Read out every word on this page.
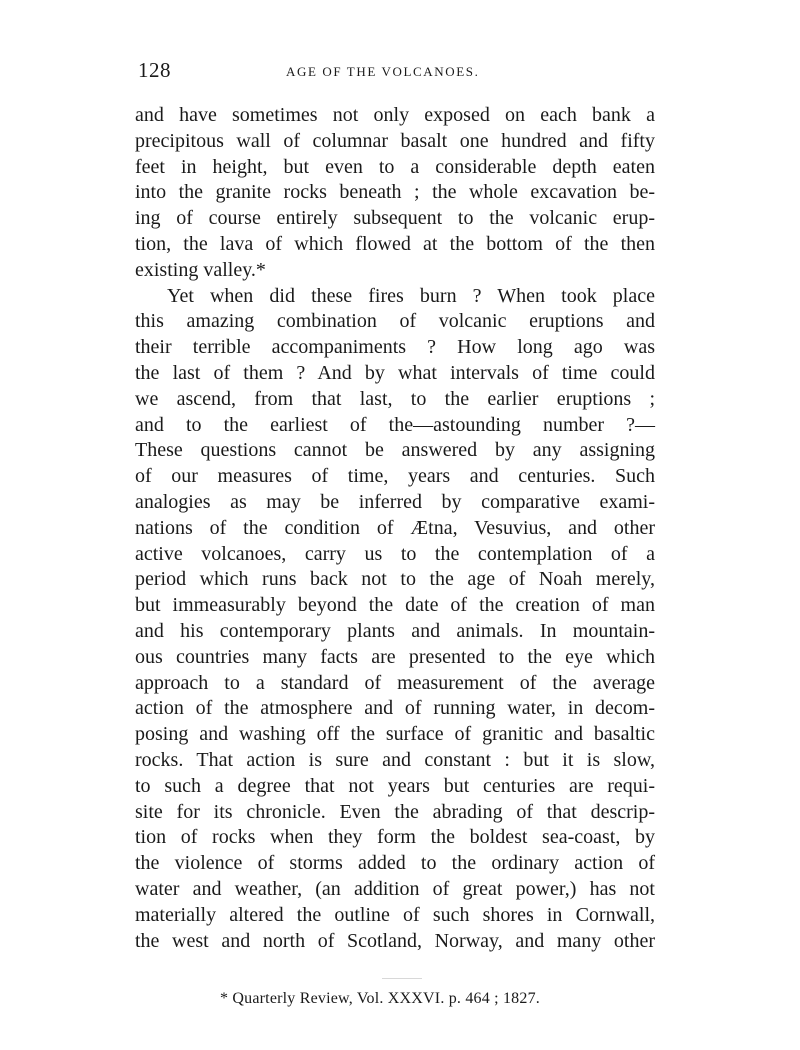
128	AGE OF THE VOLCANOES.
and have sometimes not only exposed on each bank a
precipitous wall of columnar basalt one hundred and fifty
feet in height, but even to a considerable depth eaten
into the granite rocks beneath ; the whole excavation be-
ing of course entirely subsequent to the volcanic erup-
tion, the lava of which flowed at the bottom of the then
existing valley.*
Yet when did these fires burn ? When took place
this amazing combination of volcanic eruptions and
their terrible accompaniments ? How long ago was
the last of them ? And by what intervals of time could
we ascend, from that last, to the earlier eruptions ;
and to the earliest of the—astounding number ?—
These questions cannot be answered by any assigning
of our measures of time, years and centuries. Such
analogies as may be inferred by comparative exami-
nations of the condition of Ætna, Vesuvius, and other
active volcanoes, carry us to the contemplation of a
period which runs back not to the age of Noah merely,
but immeasurably beyond the date of the creation of man
and his contemporary plants and animals. In mountain-
ous countries many facts are presented to the eye which
approach to a standard of measurement of the average
action of the atmosphere and of running water, in decom-
posing and washing off the surface of granitic and basaltic
rocks. That action is sure and constant : but it is slow,
to such a degree that not years but centuries are requi-
site for its chronicle. Even the abrading of that descrip-
tion of rocks when they form the boldest sea-coast, by
the violence of storms added to the ordinary action of
water and weather, (an addition of great power,) has not
materially altered the outline of such shores in Cornwall,
the west and north of Scotland, Norway, and many other
* Quarterly Review, Vol. XXXVI. p. 464 ; 1827.
